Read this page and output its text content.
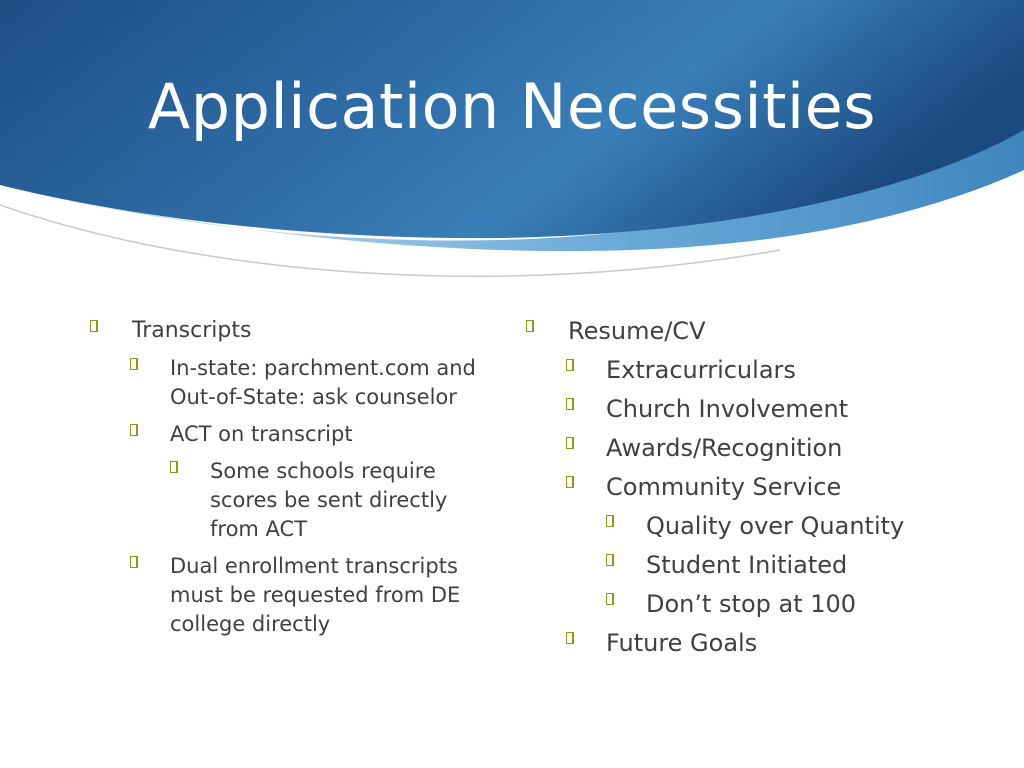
Application Necessities
Transcripts
In-state: parchment.com and Out-of-State: ask counselor
ACT on transcript
Some schools require scores be sent directly from ACT
Dual enrollment transcripts must be requested from DE college directly
Resume/CV
Extracurriculars
Church Involvement
Awards/Recognition
Community Service
Quality over Quantity
Student Initiated
Don’t stop at 100
Future Goals
